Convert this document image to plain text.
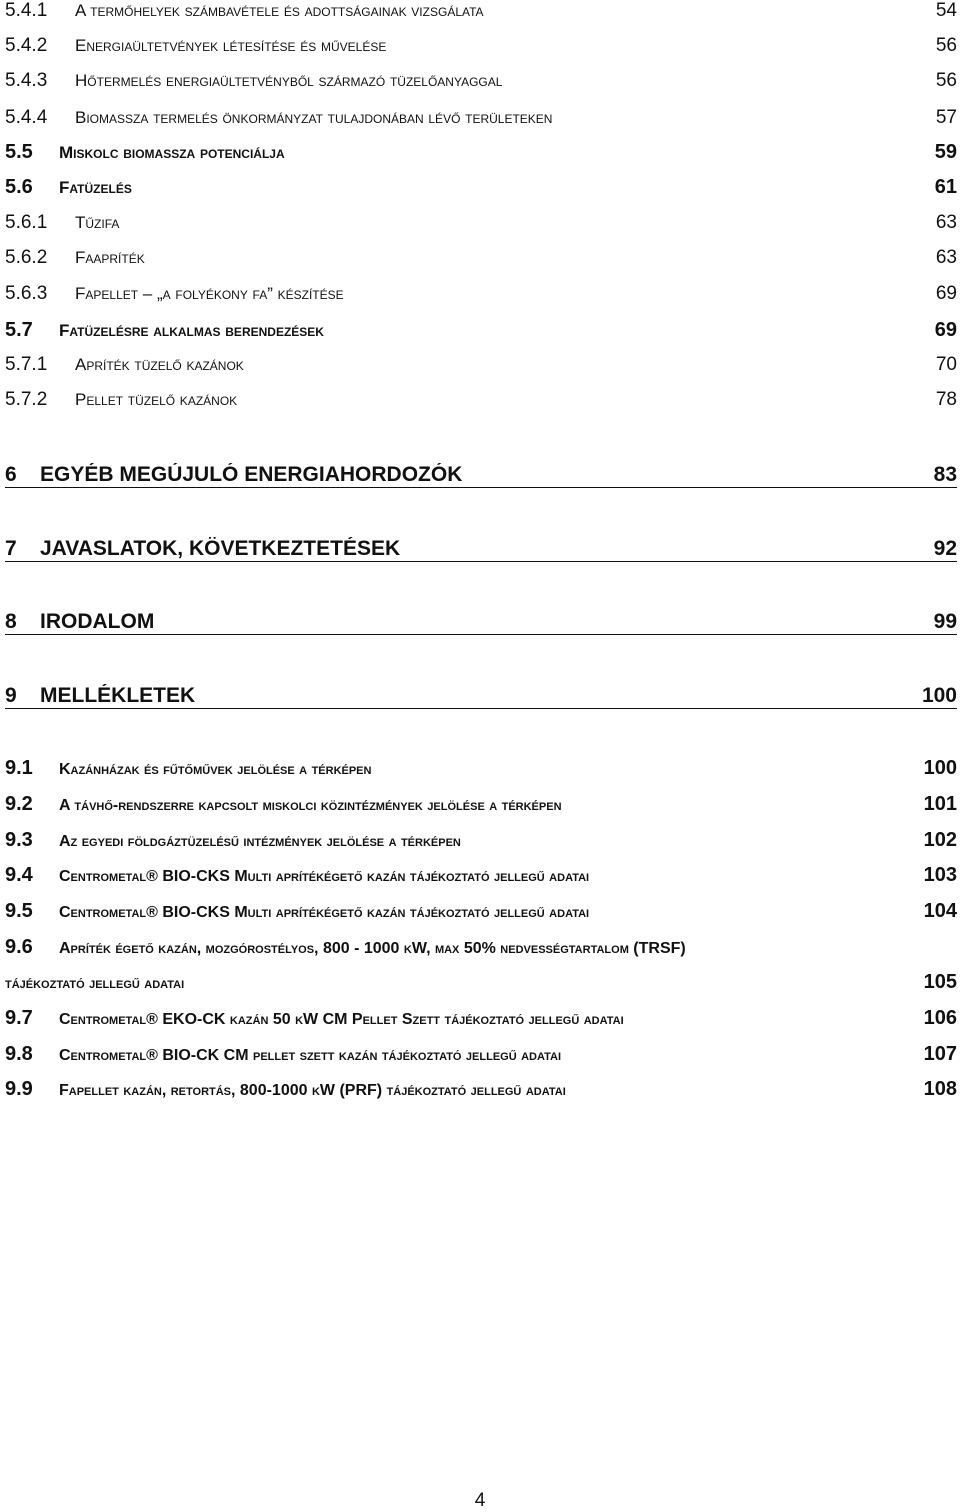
5.4.1	A termőhelyek számbavétele és adottságainak vizsgálata	54
5.4.2	Energiaültetvények létesítése és művelése	56
5.4.3	Hőtermelés energiaültetvényből származó tüzelőanyaggal	56
5.4.4	Biomassza termelés önkormányzat tulajdonában lévő területeken	57
5.5	Miskolc biomassza potenciálja	59
5.6	Fatüzelés	61
5.6.1	Tűzifa	63
5.6.2	Faapríték	63
5.6.3	Fapellet – „a folyékony fa” készítése	69
5.7	Fatüzelésre alkalmas berendezések	69
5.7.1	Apríték tüzelő kazánok	70
5.7.2	Pellet tüzelő kazánok	78
6	EGYÉB MEGÚJULÓ ENERGIAHORDOZÓK	83
7	JAVASLATOK, KÖVETKEZTETÉSEK	92
8	IRODALOM	99
9	MELLÉKLETEK	100
9.1	Kazánházak és fűtőművek jelölése a térképen	100
9.2	A távhő-rendszerre kapcsolt miskolci közintézmények jelölése a térképen	101
9.3	Az egyedi földgáztüzelésű intézmények jelölése a térképen	102
9.4	Centrometal® BIO-CKS Multi aprítékégető kazán tájékoztató jellegű adatai	103
9.5	Centrometal® BIO-CKS Multi aprítékégető kazán tájékoztató jellegű adatai	104
9.6	Apríték égető kazán, mozgórostélyos, 800 - 1000 kW, max 50% nedvességtartalom (TRSF)
tájékoztató jellegű adatai	105
9.7	Centrometal® EKO-CK kazán 50 kW CM Pellet Szett tájékoztató jellegű adatai	106
9.8	Centrometal® BIO-CK CM pellet szett kazán tájékoztató jellegű adatai	107
9.9	Fapellet kazán, retortás, 800-1000 kW (PRF) tájékoztató jellegű adatai	108
4
